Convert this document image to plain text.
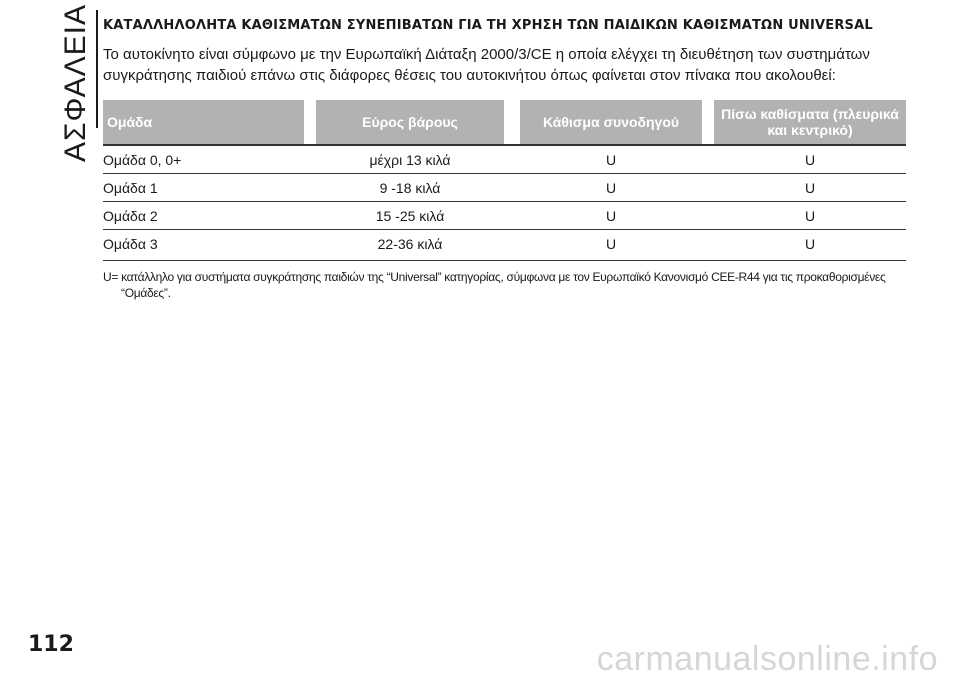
ΑΣΦΑΛΕΙΑ ΚΑΤΑΛΛΗΛΟΛΗΤΑ ΚΑΘΙΣΜΑΤΩΝ ΣΥΝΕΠΙΒΑΤΩΝ ΓΙΑ ΤΗ ΧΡΗΣΗ ΤΩΝ ΠΑΙΔΙΚΩΝ ΚΑΘΙΣΜΑΤΩΝ UNIVERSAL
Το αυτοκίνητο είναι σύμφωνο με την Ευρωπαϊκή Διάταξη 2000/3/CE η οποία ελέγχει τη διευθέτηση των συστημάτων συγκράτησης παιδιού επάνω στις διάφορες θέσεις του αυτοκινήτου όπως φαίνεται στον πίνακα που ακολουθεί:
Ομάδα	Εύρος βάρους	Κάθισμα συνοδηγού	Πίσω καθίσματα (πλευρικά και κεντρικό)
Ομάδα 0, 0+	μέχρι 13 κιλά	U	U
Ομάδα 1	9 -18 κιλά	U	U
Ομάδα 2	15 -25 κιλά	U	U
Ομάδα 3	22-36 κιλά	U	U
U= κατάλληλο για συστήματα συγκράτησης παιδιών της “Universal” κατηγορίας, σύμφωνα με τον Ευρωπαϊκό Κανονισμό CEE-R44 για τις προκαθορισμένες
“Ομάδες”.
112	carmanualsonline.info
